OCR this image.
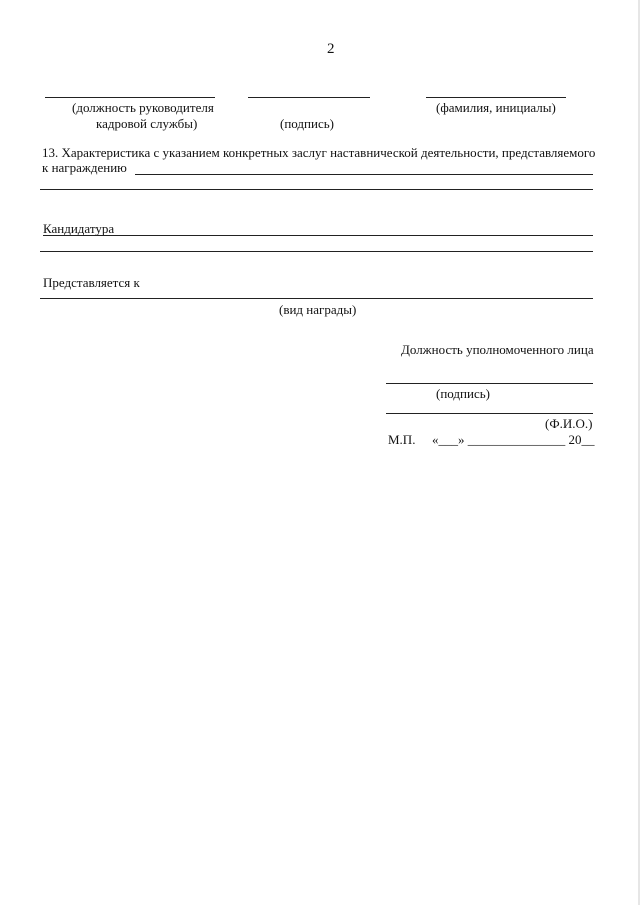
2
(должность руководителя
кадровой службы)	(подпись)
(фамилия, инициалы)
13. Характеристика с указанием конкретных заслуг наставнической деятельности, представляемого
к награждению
Кандидатура
Представляется к
(вид награды)
Должность уполномоченного лица
(подпись)
(Ф.И.О.)
М.П. «___» _______________ 20__
